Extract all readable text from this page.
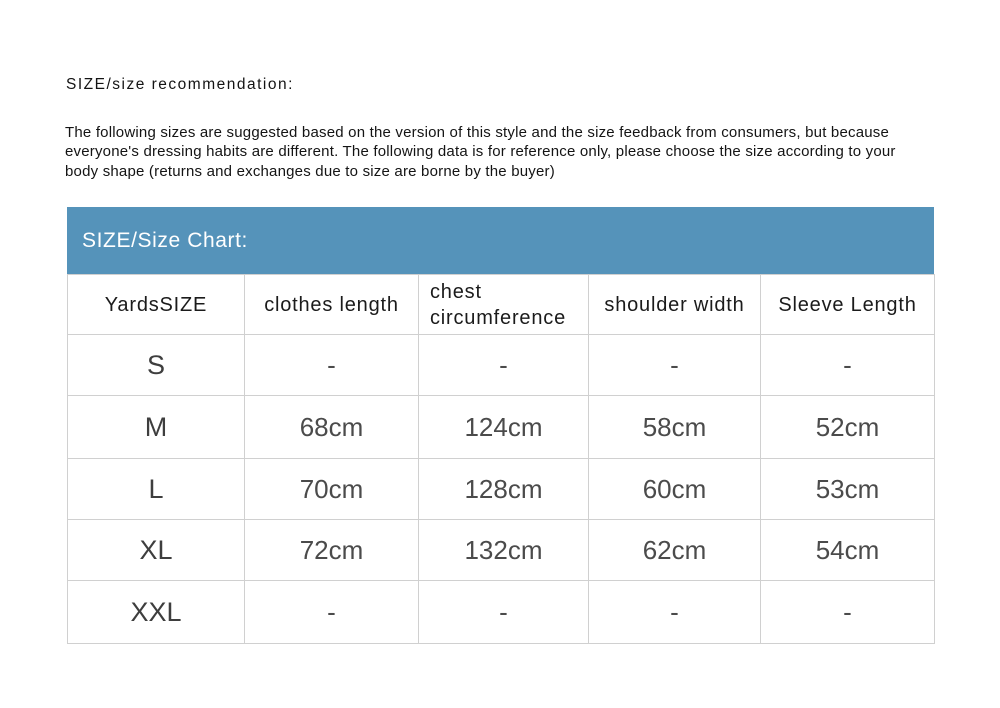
SIZE/size recommendation:

The following sizes are suggested based on the version of this style and the size feedback from consumers, but because everyone's dressing habits are different. The following data is for reference only, please choose the size according to your body shape (returns and exchanges due to size are borne by the buyer)

SIZE/Size Chart:
YardsSIZE	clothes length	chest circumference	shoulder width	Sleeve Length
S	-	-	-	-
M	68cm	124cm	58cm	52cm
L	70cm	128cm	60cm	53cm
XL	72cm	132cm	62cm	54cm
XXL	-	-	-	-
